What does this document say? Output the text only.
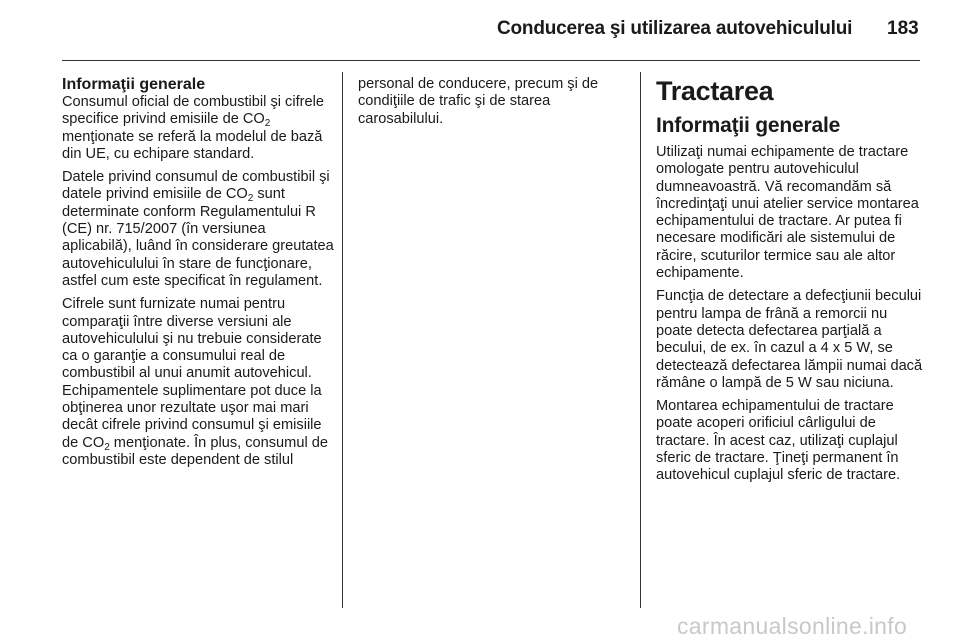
Conducerea şi utilizarea autovehiculului 183
Informaţii generale

Consumul oficial de combustibil şi cifrele specifice privind emisiile de $CO_2$ menţionate se referă la modelul de bază din UE, cu echipare standard.

Datele privind consumul de combustibil şi datele privind emisiile de $CO_2$ sunt determinate conform Regulamentului R (CE) nr. 715/2007 (în versiunea aplicabilă), luând în considerare greutatea autovehiculului în stare de funcţionare, astfel cum este specificat în regulament.

Cifrele sunt furnizate numai pentru comparaţii între diverse versiuni ale autovehiculului şi nu trebuie considerate ca o garanţie a consumului real de combustibil al unui anumit autovehicul. Echipamentele suplimentare pot duce la obţinerea unor rezultate uşor mai mari decât cifrele privind consumul şi emisiile de $CO_2$ menţionate. În plus, consumul de combustibil este dependent de stilul

personal de conducere, precum şi de condiţiile de trafic şi de starea carosabilului.

Tractarea
Informaţii generale

Utilizaţi numai echipamente de tractare omologate pentru autovehiculul dumneavoastră. Vă recomandăm să încredinţaţi unui atelier service montarea echipamentului de tractare. Ar putea fi necesare modificări ale sistemului de răcire, scuturilor termice sau ale altor echipamente.

Funcţia de detectare a defecţiunii becului pentru lampa de frână a remorcii nu poate detecta defectarea parţială a becului, de ex. în cazul a 4 x 5 W, se detectează defectarea lămpii numai dacă rămâne o lampă de 5 W sau niciuna.

Montarea echipamentului de tractare poate acoperi orificiul cârligului de tractare. În acest caz, utilizaţi cuplajul sferic de tractare. Ţineţi permanent în autovehicul cuplajul sferic de tractare.

carmanualsonline.info
